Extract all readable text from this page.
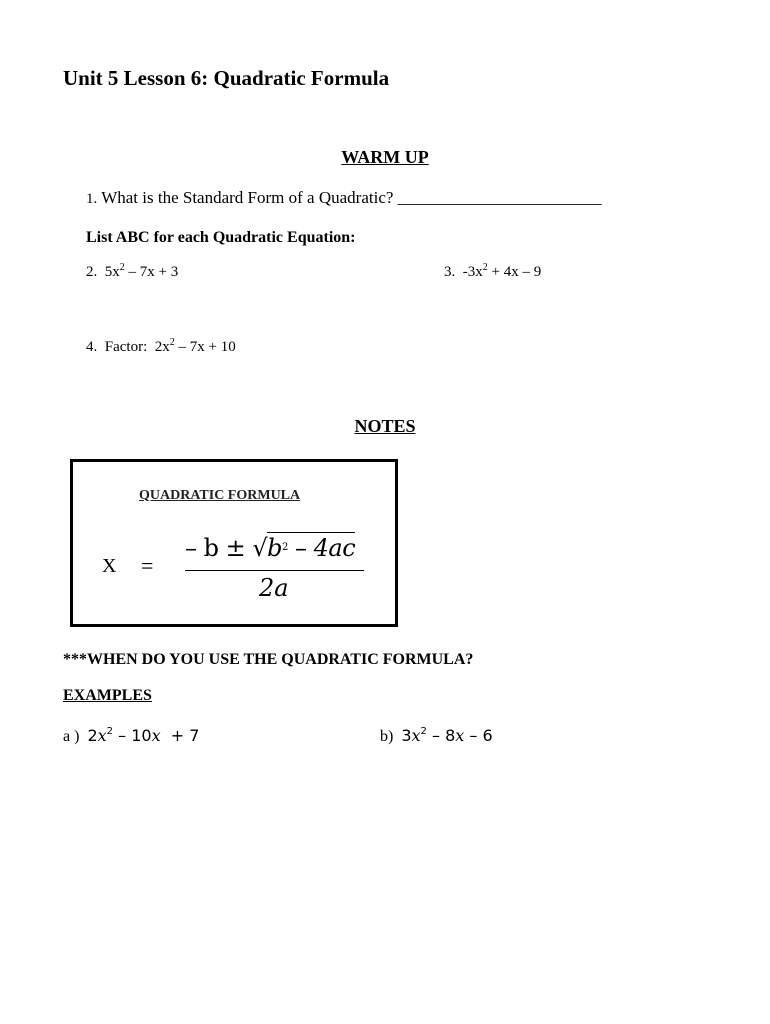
Unit 5 Lesson 6: Quadratic Formula
WARM UP
1. What is the Standard Form of a Quadratic? ________________________
List ABC for each Quadratic Equation:
2. $5x^2 - 7x + 3$	3. $-3x^2 + 4x - 9$
4. Factor: $2x^2 - 7x + 10$
NOTES
QUADRATIC FORMULA
X =
– $b \pm √b^2 - 4ac$
2a
***WHEN DO YOU USE THE QUADRATIC FORMULA?
EXAMPLES
a ) $2x^2 - 10x + 7$	b) $3x^2 - 8x - 6$
